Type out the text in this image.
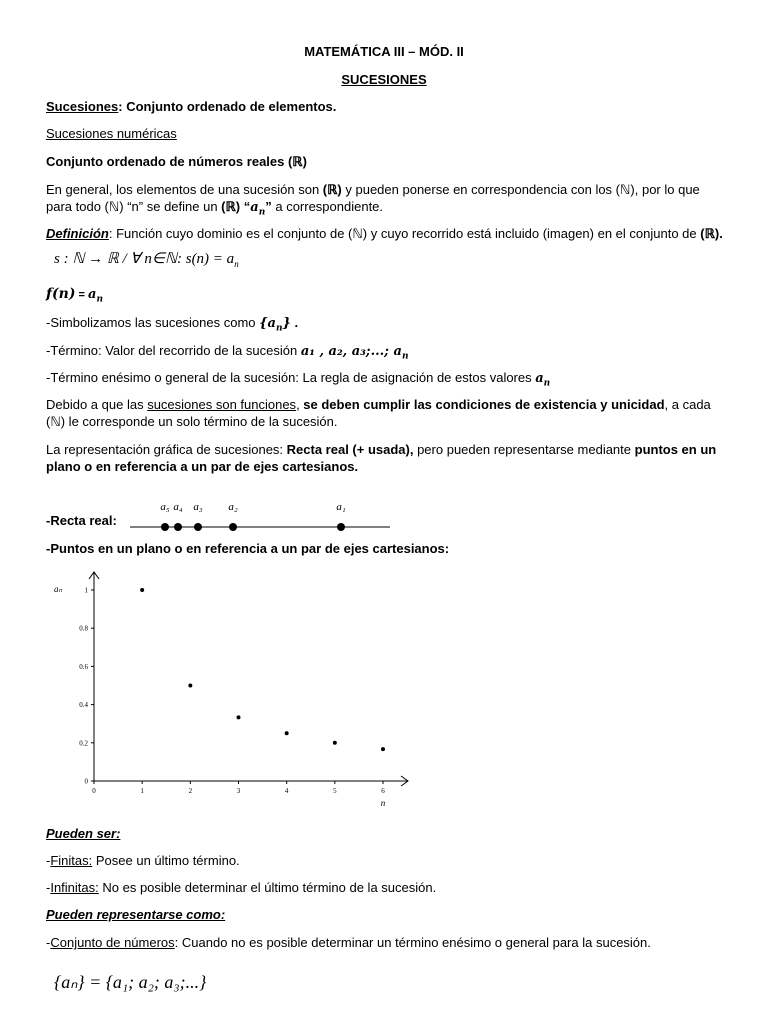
MATEMÁTICA III – MÓD. II
SUCESIONES
Sucesiones: Conjunto ordenado de elementos.
Sucesiones numéricas
Conjunto ordenado de números reales (ℝ)
En general, los elementos de una sucesión son (ℝ) y pueden ponerse en correspondencia con los (ℕ), por lo que para todo (ℕ) “n” se define un (ℝ) “$a_n$” a correspondiente.
Definición: Función cuyo dominio es el conjunto de (ℕ) y cuyo recorrido está incluido (imagen) en el conjunto de (ℝ).
s : ℕ → ℝ / ∀ n∈ℕ: $s(n) = a_n$
$f(n) = a_n$
-Simbolizamos las sucesiones como $\{a_n\}$ .
-Término: Valor del recorrido de la sucesión a₁ , a₂, a₃;...; $a_n$
-Término enésimo o general de la sucesión: La regla de asignación de estos valores $a_n$
Debido a que las sucesiones son funciones, se deben cumplir las condiciones de existencia y unicidad, a cada (ℕ) le corresponde un solo término de la sucesión.
La representación gráfica de sucesiones: Recta real (+ usada), pero pueden representarse mediante puntos en un plano o en referencia a un par de ejes cartesianos.
-Recta real:
a₅ a₄ a₃ a₂	a₁
-Puntos en un plano o en referencia a un par de ejes cartesianos:
0	1	2	3	4	5	6
0
0.2
0.4
0.6
0.8
1
aₙ
n
Pueden ser:
-Finitas: Posee un último término.
-Infinitas: No es posible determinar el último término de la sucesión.
Pueden representarse como:
-Conjunto de números: Cuando no es posible determinar un término enésimo o general para la sucesión.
{aₙ} = {a₁; a₂; a₃;...}
